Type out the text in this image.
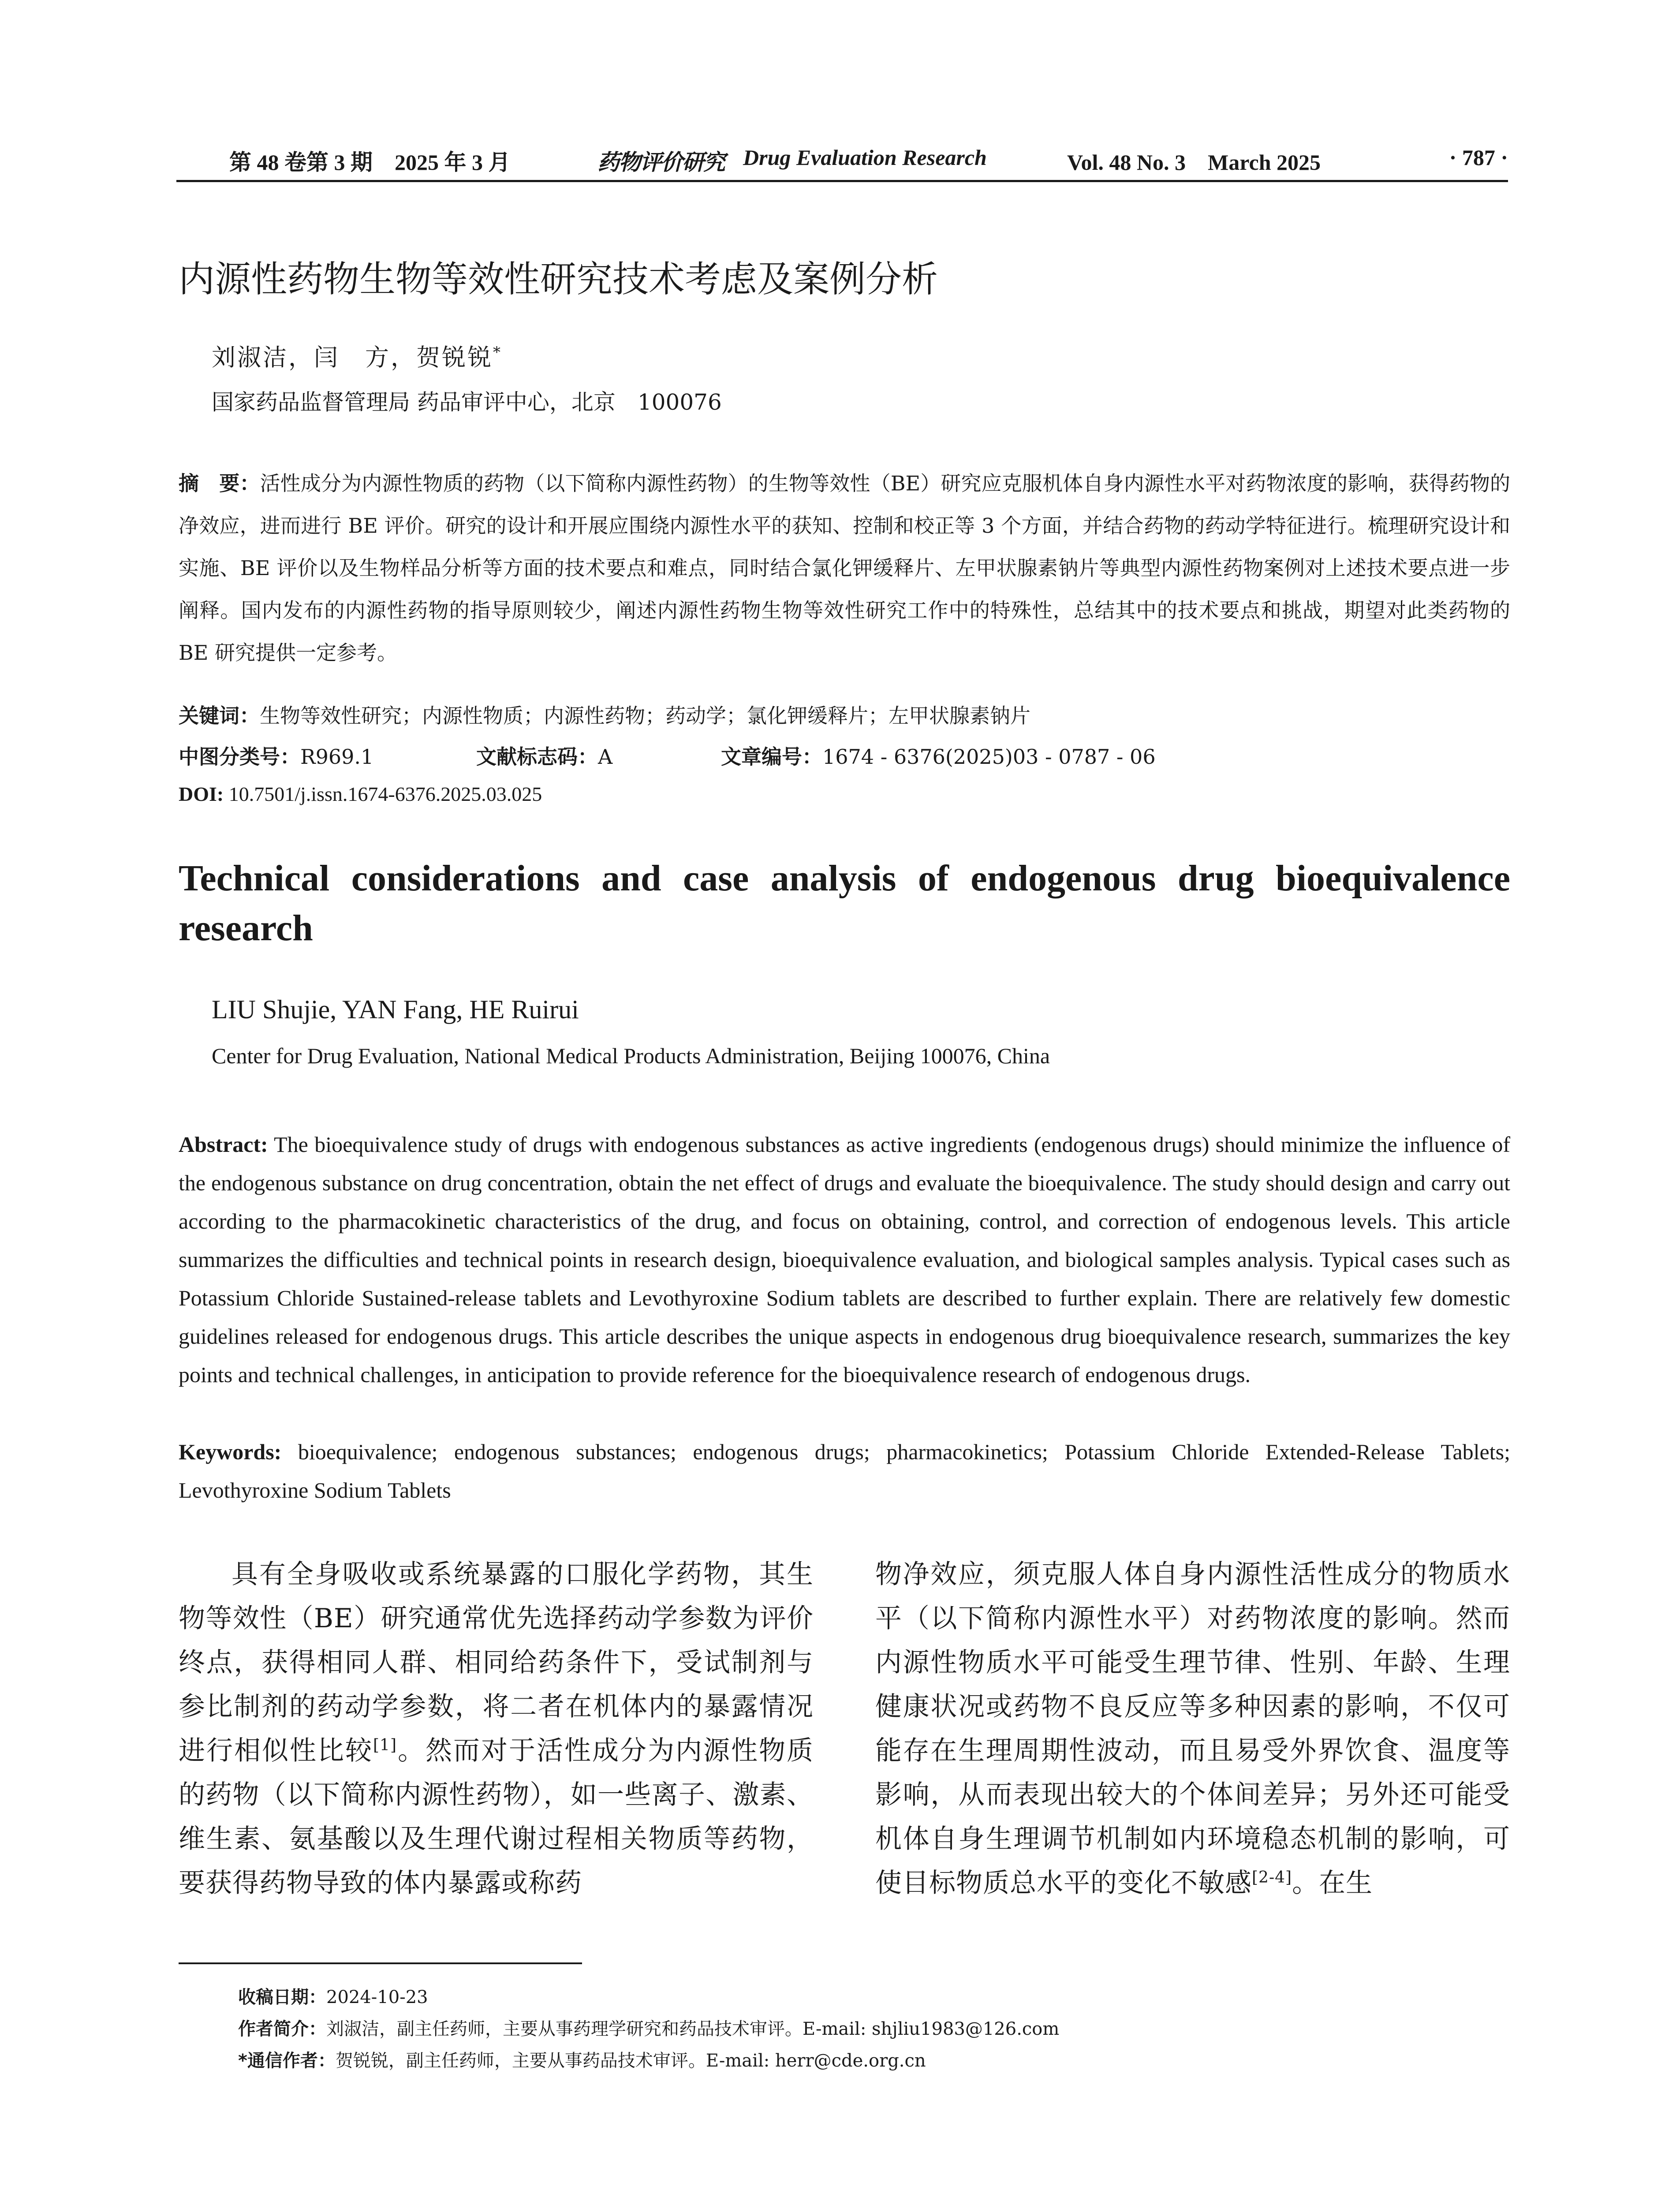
第 48 卷第 3 期　2025 年 3 月	药物评价研究 Drug Evaluation Research	Vol. 48 No. 3　March 2025	· 787 ·
内源性药物生物等效性研究技术考虑及案例分析
刘淑洁，闫　方，贺锐锐*
国家药品监督管理局 药品审评中心，北京　100076
摘　要：活性成分为内源性物质的药物（以下简称内源性药物）的生物等效性（BE）研究应克服机体自身内源性水平对药物浓度的影响，获得药物的净效应，进而进行 BE 评价。研究的设计和开展应围绕内源性水平的获知、控制和校正等 3 个方面，并结合药物的药动学特征进行。梳理研究设计和实施、BE 评价以及生物样品分析等方面的技术要点和难点，同时结合氯化钾缓释片、左甲状腺素钠片等典型内源性药物案例对上述技术要点进一步阐释。国内发布的内源性药物的指导原则较少，阐述内源性药物生物等效性研究工作中的特殊性，总结其中的技术要点和挑战，期望对此类药物的 BE 研究提供一定参考。
关键词：生物等效性研究；内源性物质；内源性药物；药动学；氯化钾缓释片；左甲状腺素钠片
中图分类号：R969.1	文献标志码：A	文章编号：1674 - 6376(2025)03 - 0787 - 06
DOI: 10.7501/j.issn.1674-6376.2025.03.025
Technical considerations and case analysis of endogenous drug bioequivalence research
LIU Shujie, YAN Fang, HE Ruirui
Center for Drug Evaluation, National Medical Products Administration, Beijing 100076, China
Abstract: The bioequivalence study of drugs with endogenous substances as active ingredients (endogenous drugs) should minimize the influence of the endogenous substance on drug concentration, obtain the net effect of drugs and evaluate the bioequivalence. The study should design and carry out according to the pharmacokinetic characteristics of the drug, and focus on obtaining, control, and correction of endogenous levels. This article summarizes the difficulties and technical points in research design, bioequivalence evaluation, and biological samples analysis. Typical cases such as Potassium Chloride Sustained-release tablets and Levothyroxine Sodium tablets are described to further explain. There are relatively few domestic guidelines released for endogenous drugs. This article describes the unique aspects in endogenous drug bioequivalence research, summarizes the key points and technical challenges, in anticipation to provide reference for the bioequivalence research of endogenous drugs.
Keywords: bioequivalence; endogenous substances; endogenous drugs; pharmacokinetics; Potassium Chloride Extended-Release Tablets; Levothyroxine Sodium Tablets
具有全身吸收或系统暴露的口服化学药物，其生物等效性（BE）研究通常优先选择药动学参数为评价终点，获得相同人群、相同给药条件下，受试制剂与参比制剂的药动学参数，将二者在机体内的暴露情况进行相似性比较[1]。然而对于活性成分为内源性物质的药物（以下简称内源性药物），如一些离子、激素、维生素、氨基酸以及生理代谢过程相关物质等药物，要获得药物导致的体内暴露或称药
物净效应，须克服人体自身内源性活性成分的物质水平（以下简称内源性水平）对药物浓度的影响。然而内源性物质水平可能受生理节律、性别、年龄、生理健康状况或药物不良反应等多种因素的影响，不仅可能存在生理周期性波动，而且易受外界饮食、温度等影响，从而表现出较大的个体间差异；另外还可能受机体自身生理调节机制如内环境稳态机制的影响，可使目标物质总水平的变化不敏感[2-4]。在生
收稿日期：2024-10-23
作者简介：刘淑洁，副主任药师，主要从事药理学研究和药品技术审评。E-mail: shjliu1983@126.com
*通信作者：贺锐锐，副主任药师，主要从事药品技术审评。E-mail: herr@cde.org.cn
